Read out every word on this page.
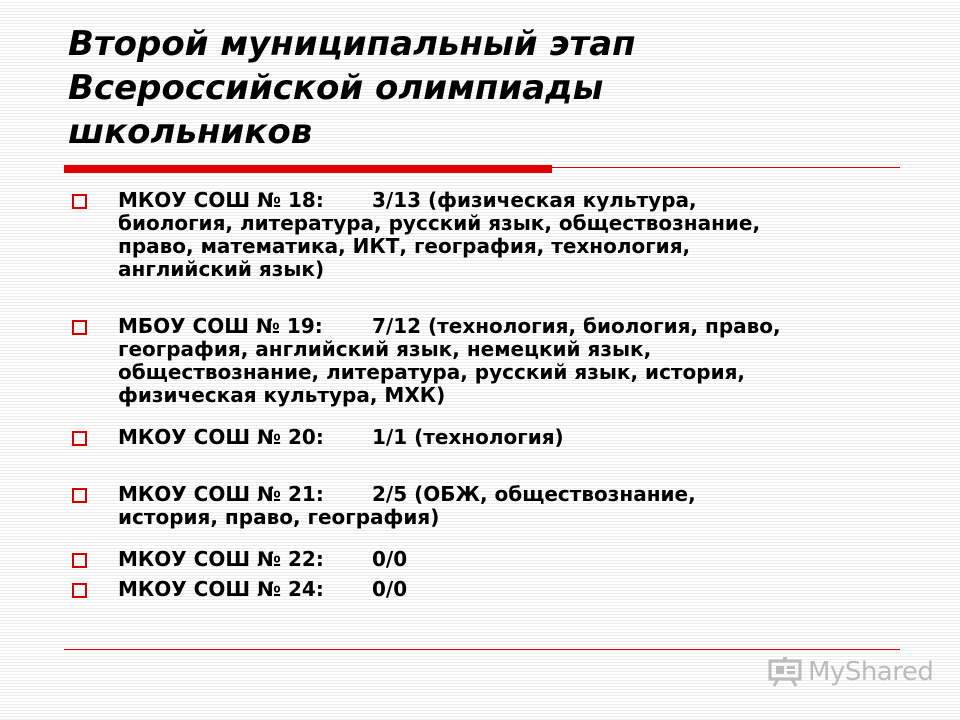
Второй муниципальный этап
Всероссийской олимпиады
школьников
МКОУ СОШ № 18: 3/13 (физическая культура,
биология, литература, русский язык, обществознание,
право, математика, ИКТ, география, технология,
английский язык)
МБОУ СОШ № 19: 7/12 (технология, биология, право,
география, английский язык, немецкий язык,
обществознание, литература, русский язык, история,
физическая культура, МХК)
МКОУ СОШ № 20: 1/1 (технология)
МКОУ СОШ № 21: 2/5 (ОБЖ, обществознание,
история, право, география)
МКОУ СОШ № 22: 0/0
МКОУ СОШ № 24: 0/0
MyShared
